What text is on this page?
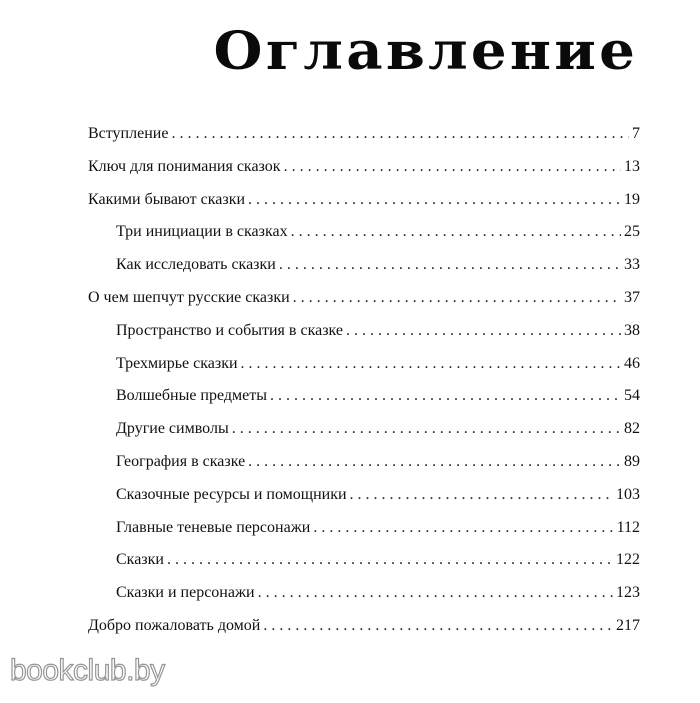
Оглавление
Вступление . . .	7
Ключ для понимания сказок . . .	13
Какими бывают сказки . . .	19
Три инициации в сказках . . .	25
Как исследовать сказки . . .	33
О чем шепчут русские сказки . . .	37
Пространство и события в сказке . . .	38
Трехмирье сказки . . .	46
Волшебные предметы . . .	54
Другие символы . . .	82
География в сказке . . .	89
Сказочные ресурсы и помощники . . .	103
Главные теневые персонажи . . .	112
Сказки . . .	122
Сказки и персонажи . . .	123
Добро пожаловать домой . . .	217
bookclub.by
